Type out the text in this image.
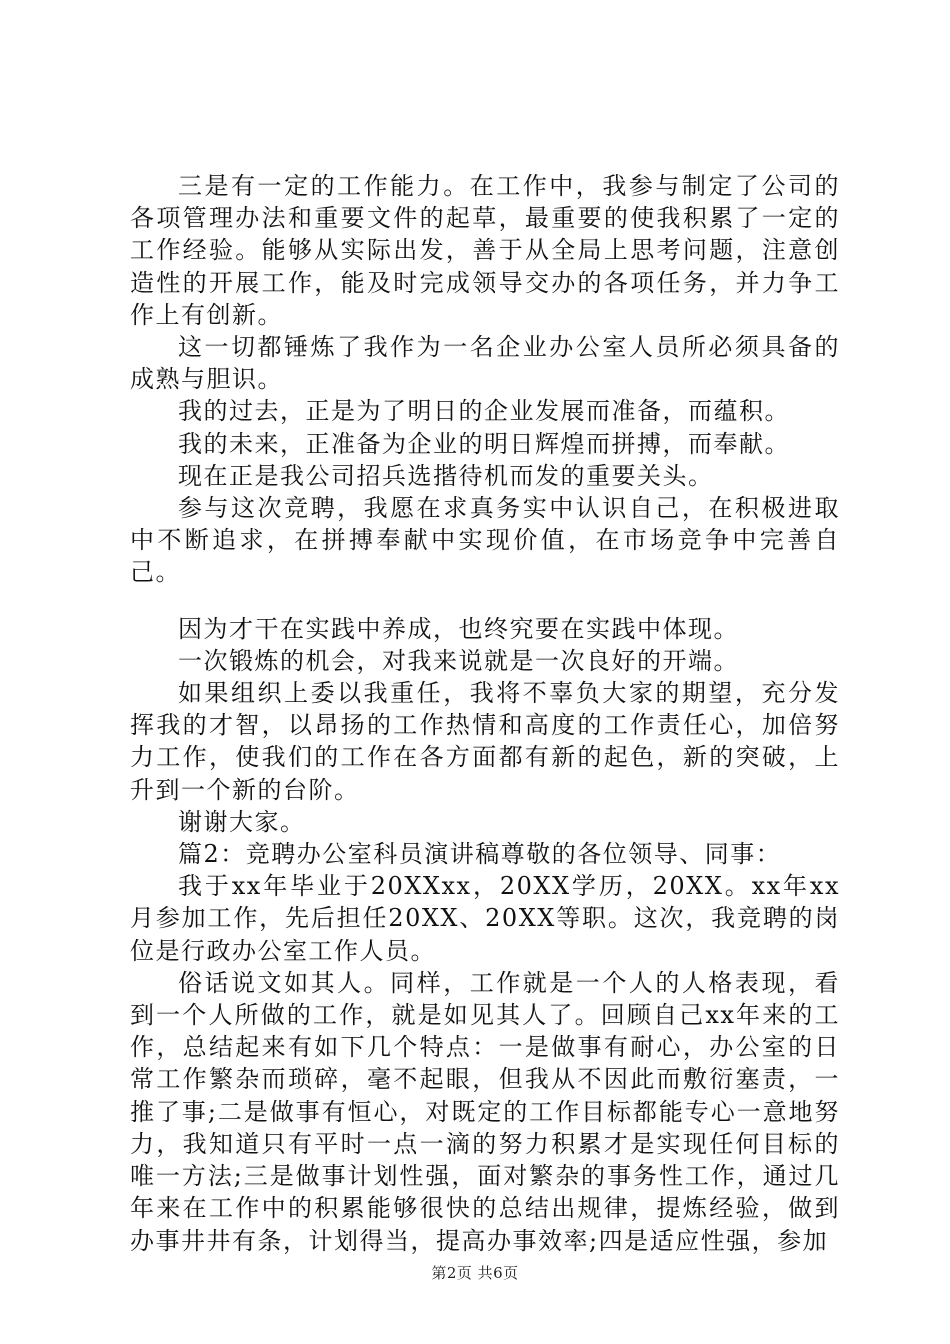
三是有一定的工作能力。在工作中，我参与制定了公司的各项管理办法和重要文件的起草，最重要的使我积累了一定的工作经验。能够从实际出发，善于从全局上思考问题，注意创造性的开展工作，能及时完成领导交办的各项任务，并力争工作上有创新。

这一切都锤炼了我作为一名企业办公室人员所必须具备的成熟与胆识。

我的过去，正是为了明日的企业发展而准备，而蕴积。

我的未来，正准备为企业的明日辉煌而拼搏，而奉献。

现在正是我公司招兵选揩待机而发的重要关头。

参与这次竞聘，我愿在求真务实中认识自己，在积极进取中不断追求，在拼搏奉献中实现价值，在市场竞争中完善自己。

因为才干在实践中养成，也终究要在实践中体现。

一次锻炼的机会，对我来说就是一次良好的开端。

如果组织上委以我重任，我将不辜负大家的期望，充分发挥我的才智，以昂扬的工作热情和高度的工作责任心，加倍努力工作，使我们的工作在各方面都有新的起色，新的突破，上升到一个新的台阶。

谢谢大家。

篇2：竞聘办公室科员演讲稿尊敬的各位领导、同事：

我于xx年毕业于20XXxx，20XX学历，20XX。xx年xx月参加工作，先后担任20XX、20XX等职。这次，我竞聘的岗位是行政办公室工作人员。

俗话说文如其人。同样，工作就是一个人的人格表现，看到一个人所做的工作，就是如见其人了。回顾自己xx年来的工作，总结起来有如下几个特点：一是做事有耐心，办公室的日常工作繁杂而琐碎，毫不起眼，但我从不因此而敷衍塞责，一推了事;二是做事有恒心，对既定的工作目标都能专心一意地努力，我知道只有平时一点一滴的努力积累才是实现任何目标的唯一方法;三是做事计划性强，面对繁杂的事务性工作，通过几年来在工作中的积累能够很快的总结出规律，提炼经验，做到办事井井有条，计划得当，提高办事效率;四是适应性强，参加

第2页 共6页
